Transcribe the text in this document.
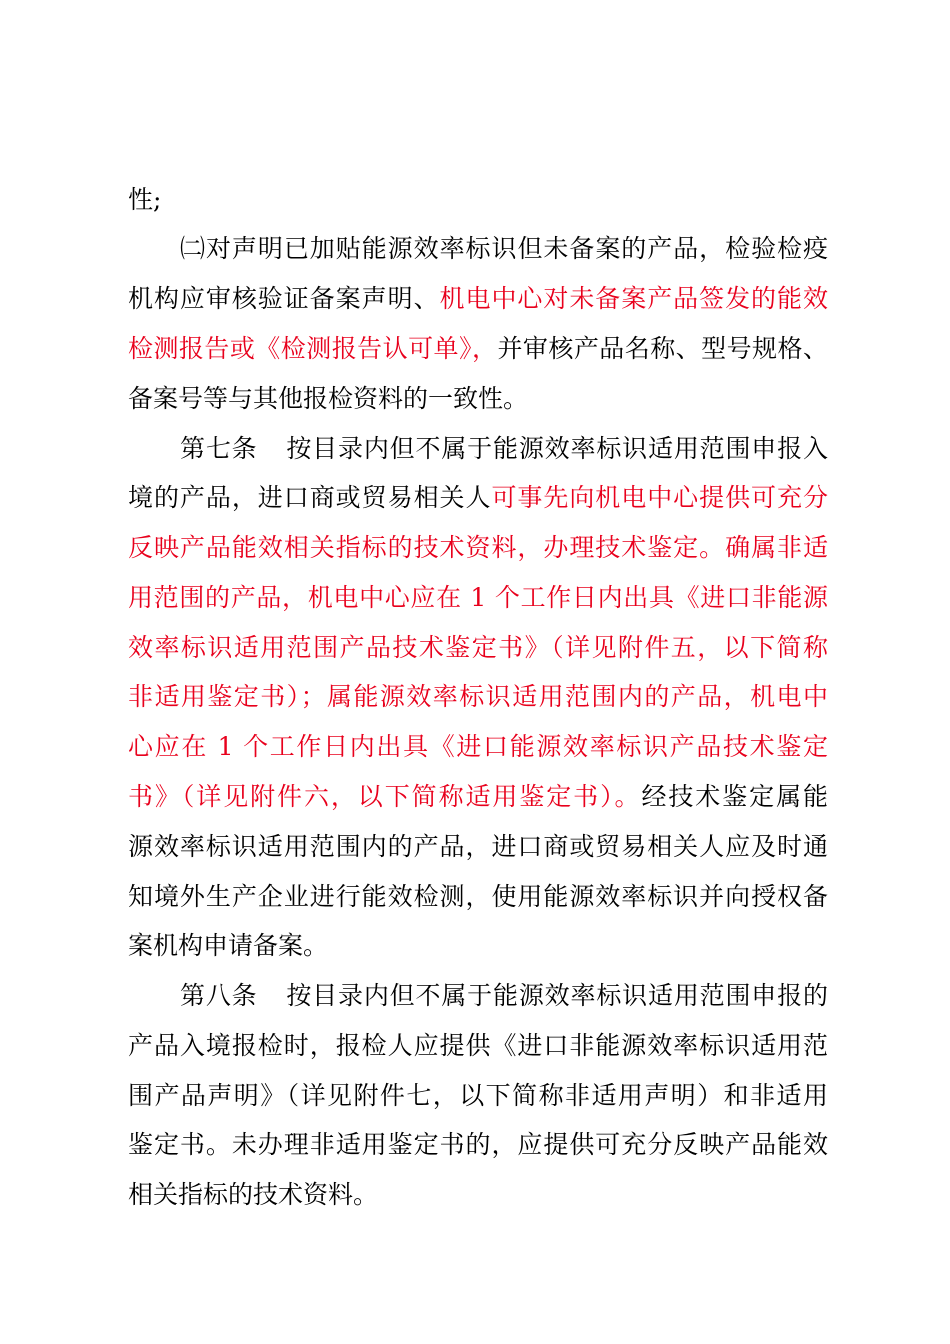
性;
㈡对声明已加贴能源效率标识但未备案的产品，检验检疫
机构应审核验证备案声明、机电中心对未备案产品签发的能效
检测报告或《检测报告认可单》，并审核产品名称、型号规格、
备案号等与其他报检资料的一致性。
第七条 按目录内但不属于能源效率标识适用范围申报入
境的产品，进口商或贸易相关人可事先向机电中心提供可充分
反映产品能效相关指标的技术资料，办理技术鉴定。确属非适
用范围的产品，机电中心应在 1 个工作日内出具《进口非能源
效率标识适用范围产品技术鉴定书》（详见附件五，以下简称
非适用鉴定书）；属能源效率标识适用范围内的产品，机电中
心应在 1 个工作日内出具《进口能源效率标识产品技术鉴定
书》（详见附件六，以下简称适用鉴定书）。经技术鉴定属能
源效率标识适用范围内的产品，进口商或贸易相关人应及时通
知境外生产企业进行能效检测，使用能源效率标识并向授权备
案机构申请备案。
第八条 按目录内但不属于能源效率标识适用范围申报的
产品入境报检时，报检人应提供《进口非能源效率标识适用范
围产品声明》（详见附件七，以下简称非适用声明）和非适用
鉴定书。未办理非适用鉴定书的，应提供可充分反映产品能效
相关指标的技术资料。
